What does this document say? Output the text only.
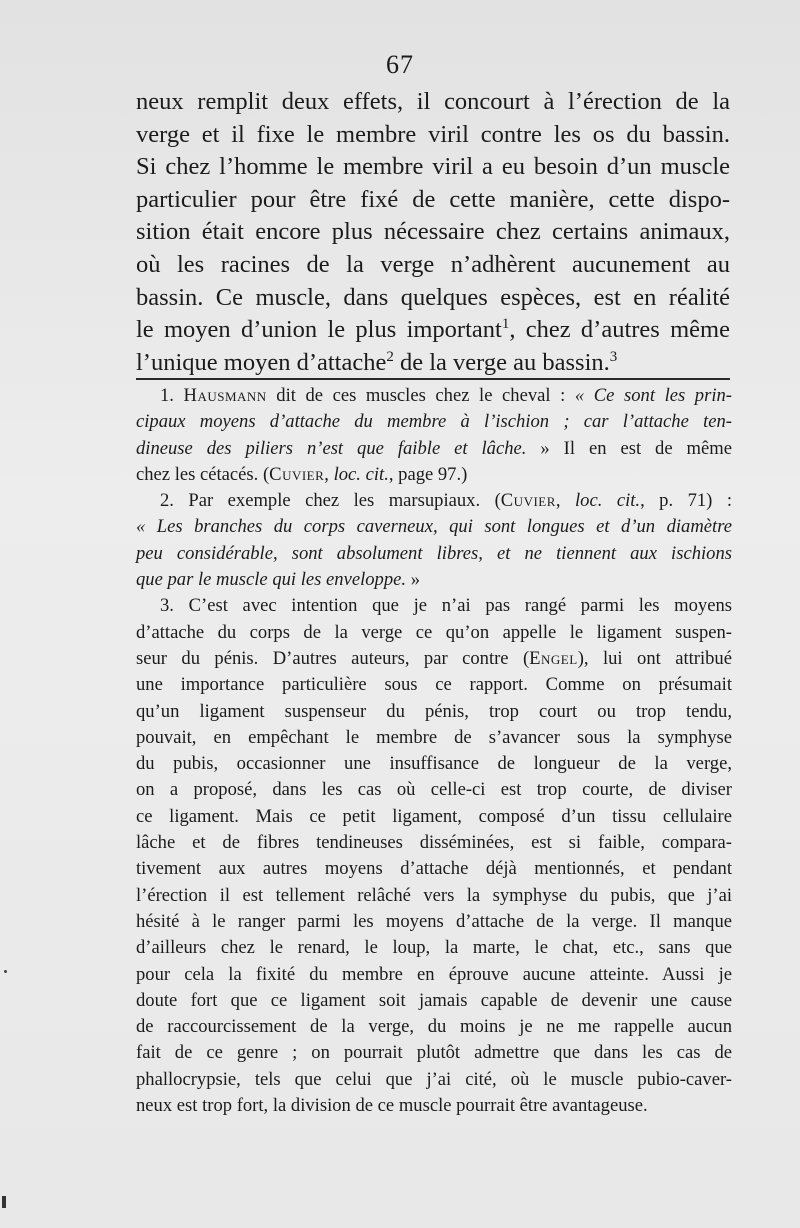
67
neux remplit deux effets, il concourt à l’érection de la
verge et il fixe le membre viril contre les os du bassin.
Si chez l’homme le membre viril a eu besoin d’un muscle
particulier pour être fixé de cette manière, cette dispo-
sition était encore plus nécessaire chez certains animaux,
où les racines de la verge n’adhèrent aucunement au
bassin. Ce muscle, dans quelques espèces, est en réalité
le moyen d’union le plus important$^1$, chez d’autres même
l’unique moyen d’attache$^2$ de la verge au bassin.$^3$
1. Hausmann dit de ces muscles chez le cheval : « Ce sont les prin-
cipaux moyens d’attache du membre à l’ischion ; car l’attache ten-
dineuse des piliers n’est que faible et lâche. » Il en est de même
chez les cétacés. (Cuvier, loc. cit., page 97.)
2. Par exemple chez les marsupiaux. (Cuvier, loc. cit., p. 71) :
« Les branches du corps caverneux, qui sont longues et d’un diamètre
peu considérable, sont absolument libres, et ne tiennent aux ischions
que par le muscle qui les enveloppe. »
3. C’est avec intention que je n’ai pas rangé parmi les moyens
d’attache du corps de la verge ce qu’on appelle le ligament suspen-
seur du pénis. D’autres auteurs, par contre (Engel), lui ont attribué
une importance particulière sous ce rapport. Comme on présumait
qu’un ligament suspenseur du pénis, trop court ou trop tendu,
pouvait, en empêchant le membre de s’avancer sous la symphyse
du pubis, occasionner une insuffisance de longueur de la verge,
on a proposé, dans les cas où celle-ci est trop courte, de diviser
ce ligament. Mais ce petit ligament, composé d’un tissu cellulaire
lâche et de fibres tendineuses disséminées, est si faible, compara-
tivement aux autres moyens d’attache déjà mentionnés, et pendant
l’érection il est tellement relâché vers la symphyse du pubis, que j’ai
hésité à le ranger parmi les moyens d’attache de la verge. Il manque
d’ailleurs chez le renard, le loup, la marte, le chat, etc., sans que
pour cela la fixité du membre en éprouve aucune atteinte. Aussi je
doute fort que ce ligament soit jamais capable de devenir une cause
de raccourcissement de la verge, du moins je ne me rappelle aucun
fait de ce genre ; on pourrait plutôt admettre que dans les cas de
phallocrypsie, tels que celui que j’ai cité, où le muscle pubio-caver-
neux est trop fort, la division de ce muscle pourrait être avantageuse.
